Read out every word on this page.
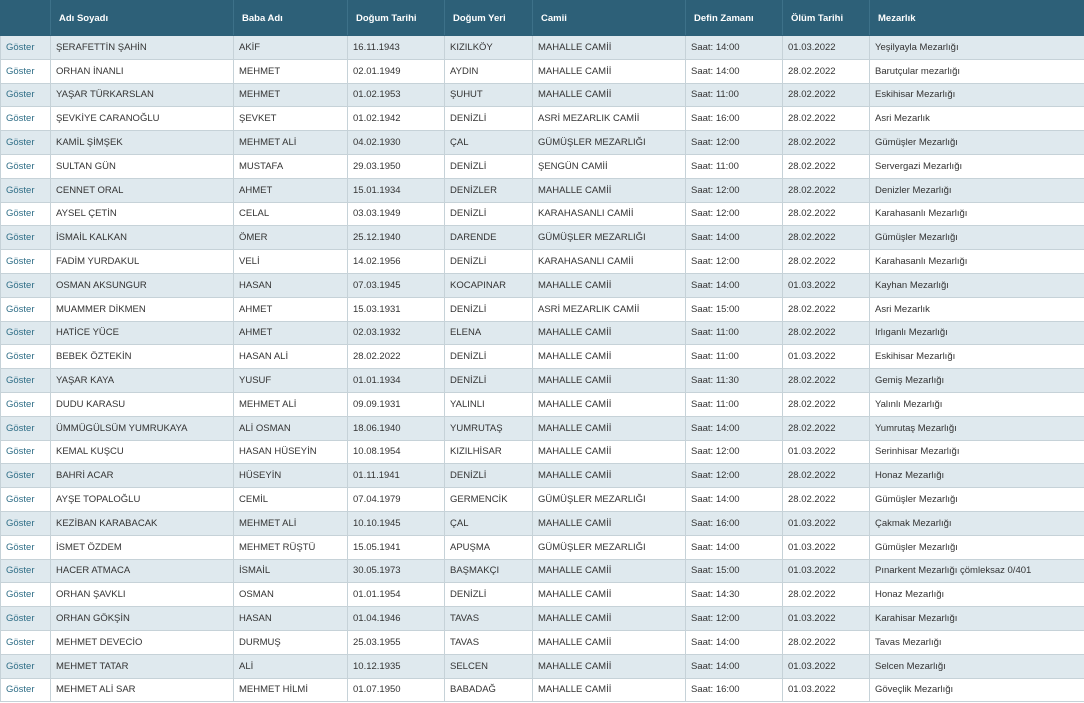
	Adı Soyadı	Baba Adı	Doğum Tarihi	Doğum Yeri	Camii	Defin Zamanı	Ölüm Tarihi	Mezarlık
Göster	ŞERAFETTİN ŞAHİN	AKİF	16.11.1943	KIZILKÖY	MAHALLE CAMİİ	Saat: 14:00	01.03.2022	Yeşilyayla Mezarlığı
Göster	ORHAN İNANLI	MEHMET	02.01.1949	AYDIN	MAHALLE CAMİİ	Saat: 14:00	28.02.2022	Barutçular mezarlığı
Göster	YAŞAR TÜRKARSLAN	MEHMET	01.02.1953	ŞUHUT	MAHALLE CAMİİ	Saat: 11:00	28.02.2022	Eskihisar Mezarlığı
Göster	ŞEVKİYE CARANOĞLU	ŞEVKET	01.02.1942	DENİZLİ	ASRİ MEZARLIK CAMİİ	Saat: 16:00	28.02.2022	Asri Mezarlık
Göster	KAMİL ŞİMŞEK	MEHMET ALİ	04.02.1930	ÇAL	GÜMÜŞLER MEZARLIĞI	Saat: 12:00	28.02.2022	Gümüşler Mezarlığı
Göster	SULTAN GÜN	MUSTAFA	29.03.1950	DENİZLİ	ŞENGÜN CAMİİ	Saat: 11:00	28.02.2022	Servergazi Mezarlığı
Göster	CENNET ORAL	AHMET	15.01.1934	DENİZLER	MAHALLE CAMİİ	Saat: 12:00	28.02.2022	Denizler Mezarlığı
Göster	AYSEL ÇETİN	CELAL	03.03.1949	DENİZLİ	KARAHASANLI CAMİİ	Saat: 12:00	28.02.2022	Karahasanlı Mezarlığı
Göster	İSMAİL KALKAN	ÖMER	25.12.1940	DARENDE	GÜMÜŞLER MEZARLIĞI	Saat: 14:00	28.02.2022	Gümüşler Mezarlığı
Göster	FADİM YURDAKUL	VELİ	14.02.1956	DENİZLİ	KARAHASANLI CAMİİ	Saat: 12:00	28.02.2022	Karahasanlı Mezarlığı
Göster	OSMAN AKSUNGUR	HASAN	07.03.1945	KOCAPINAR	MAHALLE CAMİİ	Saat: 14:00	01.03.2022	Kayhan Mezarlığı
Göster	MUAMMER DİKMEN	AHMET	15.03.1931	DENİZLİ	ASRİ MEZARLIK CAMİİ	Saat: 15:00	28.02.2022	Asri Mezarlık
Göster	HATİCE YÜCE	AHMET	02.03.1932	ELENA	MAHALLE CAMİİ	Saat: 11:00	28.02.2022	Irlıganlı Mezarlığı
Göster	BEBEK ÖZTEKİN	HASAN ALİ	28.02.2022	DENİZLİ	MAHALLE CAMİİ	Saat: 11:00	01.03.2022	Eskihisar Mezarlığı
Göster	YAŞAR KAYA	YUSUF	01.01.1934	DENİZLİ	MAHALLE CAMİİ	Saat: 11:30	28.02.2022	Gemiş Mezarlığı
Göster	DUDU KARASU	MEHMET ALİ	09.09.1931	YALINLI	MAHALLE CAMİİ	Saat: 11:00	28.02.2022	Yalınlı Mezarlığı
Göster	ÜMMÜGÜLSÜM YUMRUKAYA	ALİ OSMAN	18.06.1940	YUMRUTAŞ	MAHALLE CAMİİ	Saat: 14:00	28.02.2022	Yumrutaş Mezarlığı
Göster	KEMAL KUŞCU	HASAN HÜSEYİN	10.08.1954	KIZILHİSAR	MAHALLE CAMİİ	Saat: 12:00	01.03.2022	Serinhisar Mezarlığı
Göster	BAHRİ ACAR	HÜSEYİN	01.11.1941	DENİZLİ	MAHALLE CAMİİ	Saat: 12:00	28.02.2022	Honaz Mezarlığı
Göster	AYŞE TOPALOĞLU	CEMİL	07.04.1979	GERMENCİK	GÜMÜŞLER MEZARLIĞI	Saat: 14:00	28.02.2022	Gümüşler Mezarlığı
Göster	KEZİBAN KARABACAK	MEHMET ALİ	10.10.1945	ÇAL	MAHALLE CAMİİ	Saat: 16:00	01.03.2022	Çakmak Mezarlığı
Göster	İSMET ÖZDEM	MEHMET RÜŞTÜ	15.05.1941	APUŞMA	GÜMÜŞLER MEZARLIĞI	Saat: 14:00	01.03.2022	Gümüşler Mezarlığı
Göster	HACER ATMACA	İSMAİL	30.05.1973	BAŞMAKÇI	MAHALLE CAMİİ	Saat: 15:00	01.03.2022	Pınarkent Mezarlığı çömleksaz 0/401
Göster	ORHAN ŞAVKLI	OSMAN	01.01.1954	DENİZLİ	MAHALLE CAMİİ	Saat: 14:30	28.02.2022	Honaz Mezarlığı
Göster	ORHAN GÖKŞİN	HASAN	01.04.1946	TAVAS	MAHALLE CAMİİ	Saat: 12:00	01.03.2022	Karahisar Mezarlığı
Göster	MEHMET DEVECİO	DURMUŞ	25.03.1955	TAVAS	MAHALLE CAMİİ	Saat: 14:00	28.02.2022	Tavas Mezarlığı
Göster	MEHMET TATAR	ALİ	10.12.1935	SELCEN	MAHALLE CAMİİ	Saat: 14:00	01.03.2022	Selcen Mezarlığı
Göster	MEHMET ALİ SAR	MEHMET HİLMİ	01.07.1950	BABADAĞ	MAHALLE CAMİİ	Saat: 16:00	01.03.2022	Göveçlik Mezarlığı
